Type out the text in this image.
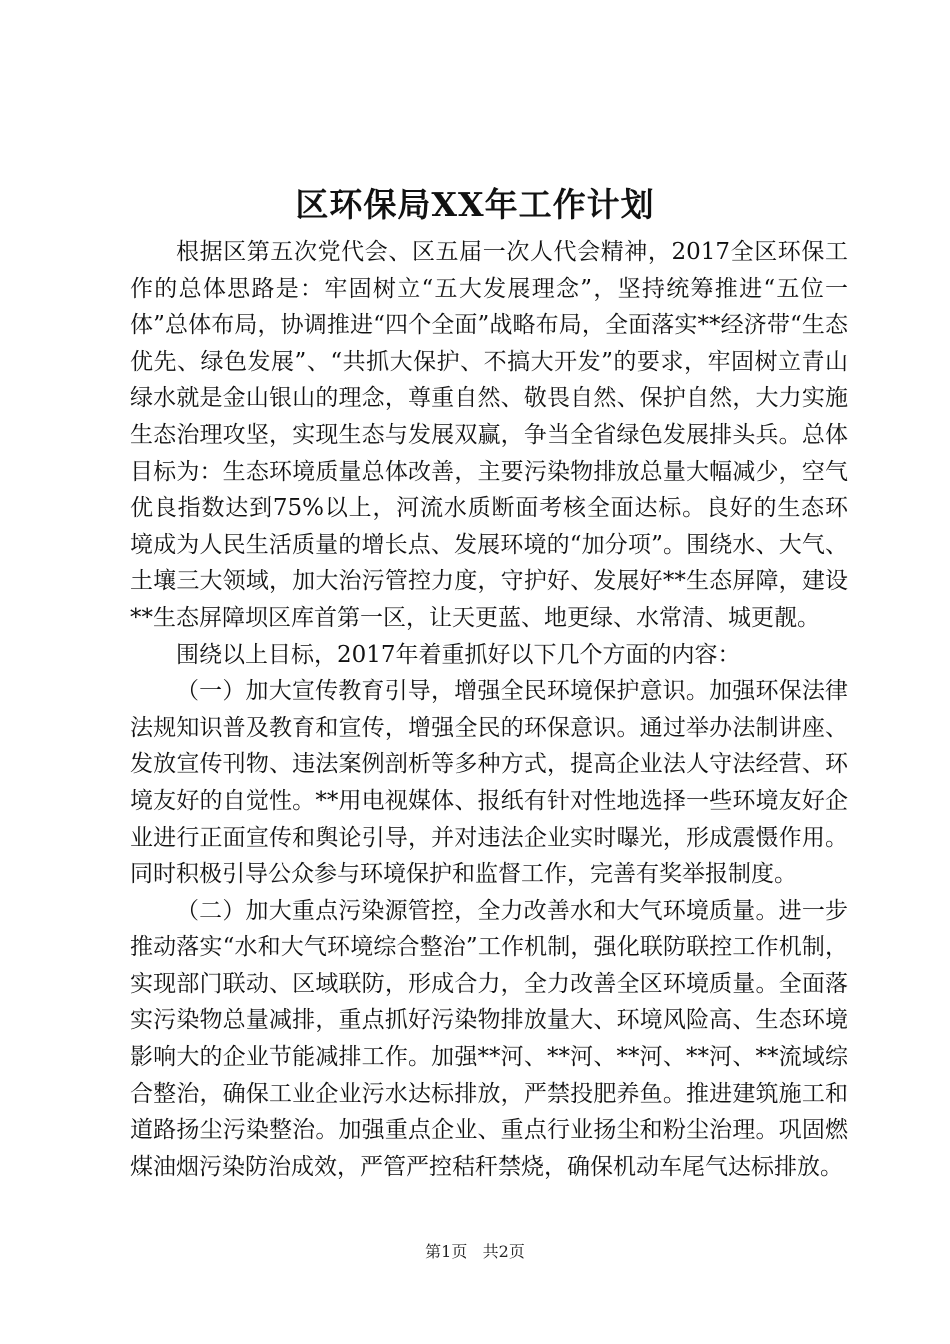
区环保局XX年工作计划

根据区第五次党代会、区五届一次人代会精神，2017全区环保工作的总体思路是：牢固树立“五大发展理念”，坚持统筹推进“五位一体”总体布局，协调推进“四个全面”战略布局，全面落实**经济带“生态优先、绿色发展”、“共抓大保护、不搞大开发”的要求，牢固树立青山绿水就是金山银山的理念，尊重自然、敬畏自然、保护自然，大力实施生态治理攻坚，实现生态与发展双赢，争当全省绿色发展排头兵。总体目标为：生态环境质量总体改善，主要污染物排放总量大幅减少，空气优良指数达到75%以上，河流水质断面考核全面达标。良好的生态环境成为人民生活质量的增长点、发展环境的“加分项”。围绕水、大气、土壤三大领域，加大治污管控力度，守护好、发展好**生态屏障，建设**生态屏障坝区库首第一区，让天更蓝、地更绿、水常清、城更靓。

围绕以上目标，2017年着重抓好以下几个方面的内容：

（一）加大宣传教育引导，增强全民环境保护意识。加强环保法律法规知识普及教育和宣传，增强全民的环保意识。通过举办法制讲座、发放宣传刊物、违法案例剖析等多种方式，提高企业法人守法经营、环境友好的自觉性。**用电视媒体、报纸有针对性地选择一些环境友好企业进行正面宣传和舆论引导，并对违法企业实时曝光，形成震慑作用。同时积极引导公众参与环境保护和监督工作，完善有奖举报制度。

（二）加大重点污染源管控，全力改善水和大气环境质量。进一步推动落实“水和大气环境综合整治”工作机制，强化联防联控工作机制，实现部门联动、区域联防，形成合力，全力改善全区环境质量。全面落实污染物总量减排，重点抓好污染物排放量大、环境风险高、生态环境影响大的企业节能减排工作。加强**河、**河、**河、**河、**流域综合整治，确保工业企业污水达标排放，严禁投肥养鱼。推进建筑施工和道路扬尘污染整治。加强重点企业、重点行业扬尘和粉尘治理。巩固燃煤油烟污染防治成效，严管严控秸秆禁烧，确保机动车尾气达标排放。

第1页 共2页
